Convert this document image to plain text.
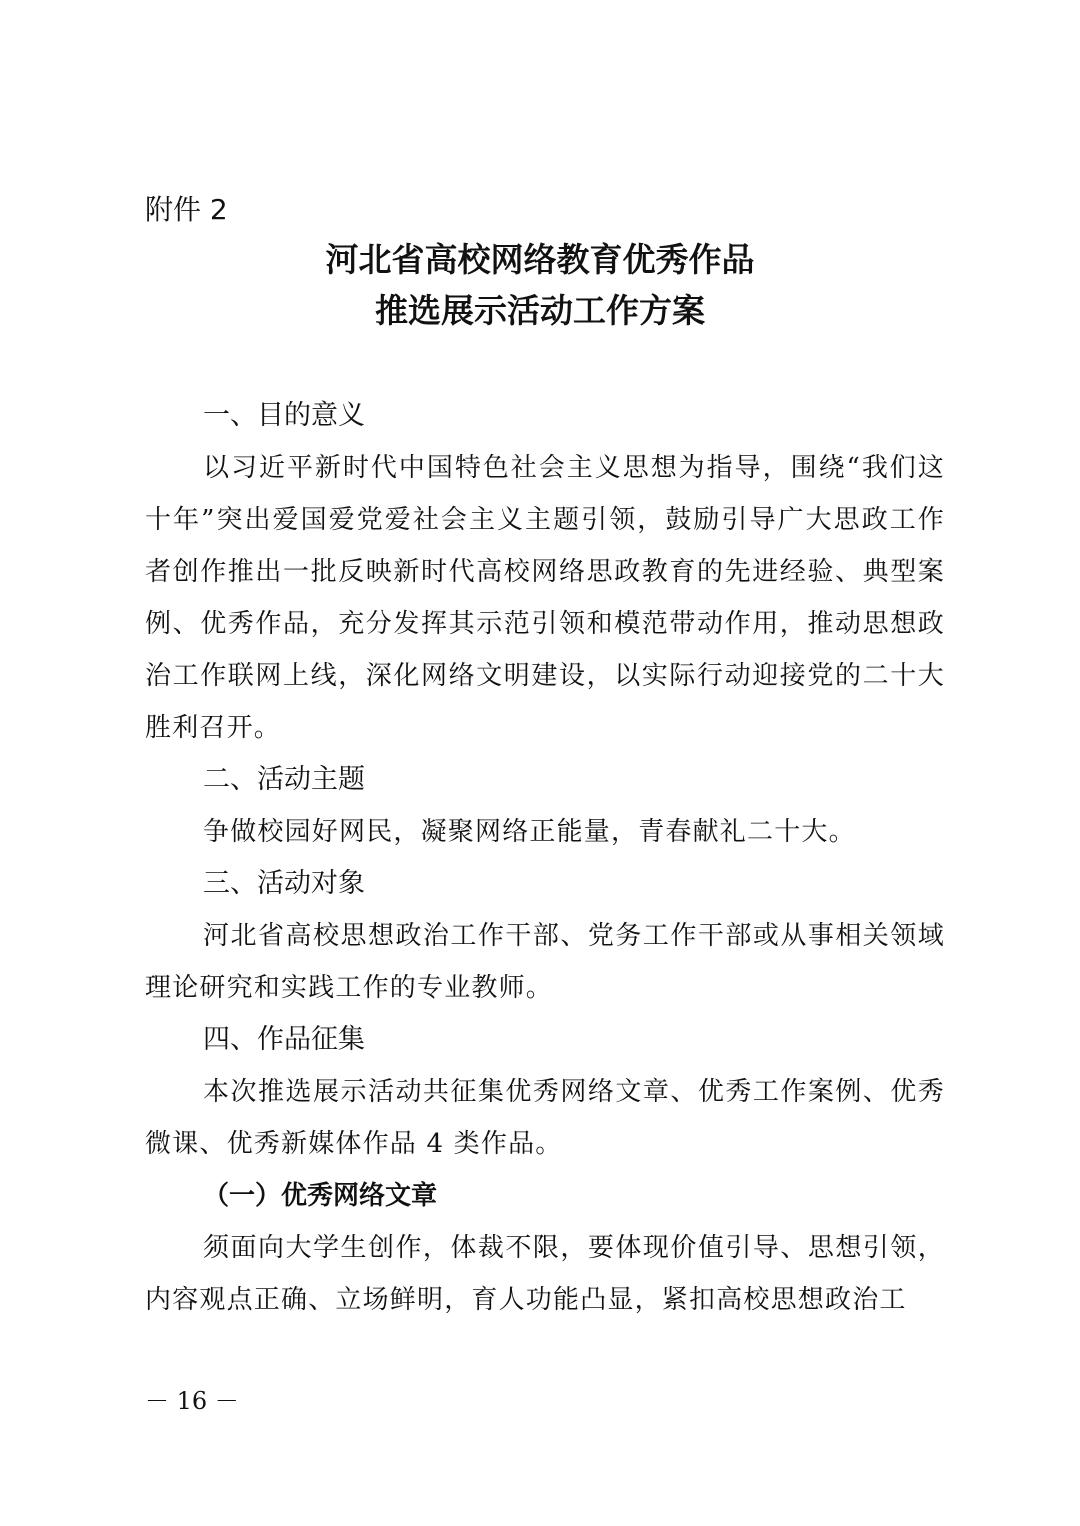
附件 2
河北省高校网络教育优秀作品
推选展示活动工作方案
一、目的意义

以习近平新时代中国特色社会主义思想为指导，围绕“我们这十年”突出爱国爱党爱社会主义主题引领，鼓励引导广大思政工作者创作推出一批反映新时代高校网络思政教育的先进经验、典型案例、优秀作品，充分发挥其示范引领和模范带动作用，推动思想政治工作联网上线，深化网络文明建设，以实际行动迎接党的二十大胜利召开。

二、活动主题

争做校园好网民，凝聚网络正能量，青春献礼二十大。

三、活动对象

河北省高校思想政治工作干部、党务工作干部或从事相关领域理论研究和实践工作的专业教师。

四、作品征集

本次推选展示活动共征集优秀网络文章、优秀工作案例、优秀微课、优秀新媒体作品 4 类作品。

（一）优秀网络文章

须面向大学生创作，体裁不限，要体现价值引导、思想引领，内容观点正确、立场鲜明，育人功能凸显，紧扣高校思想政治工

－ 16 －
